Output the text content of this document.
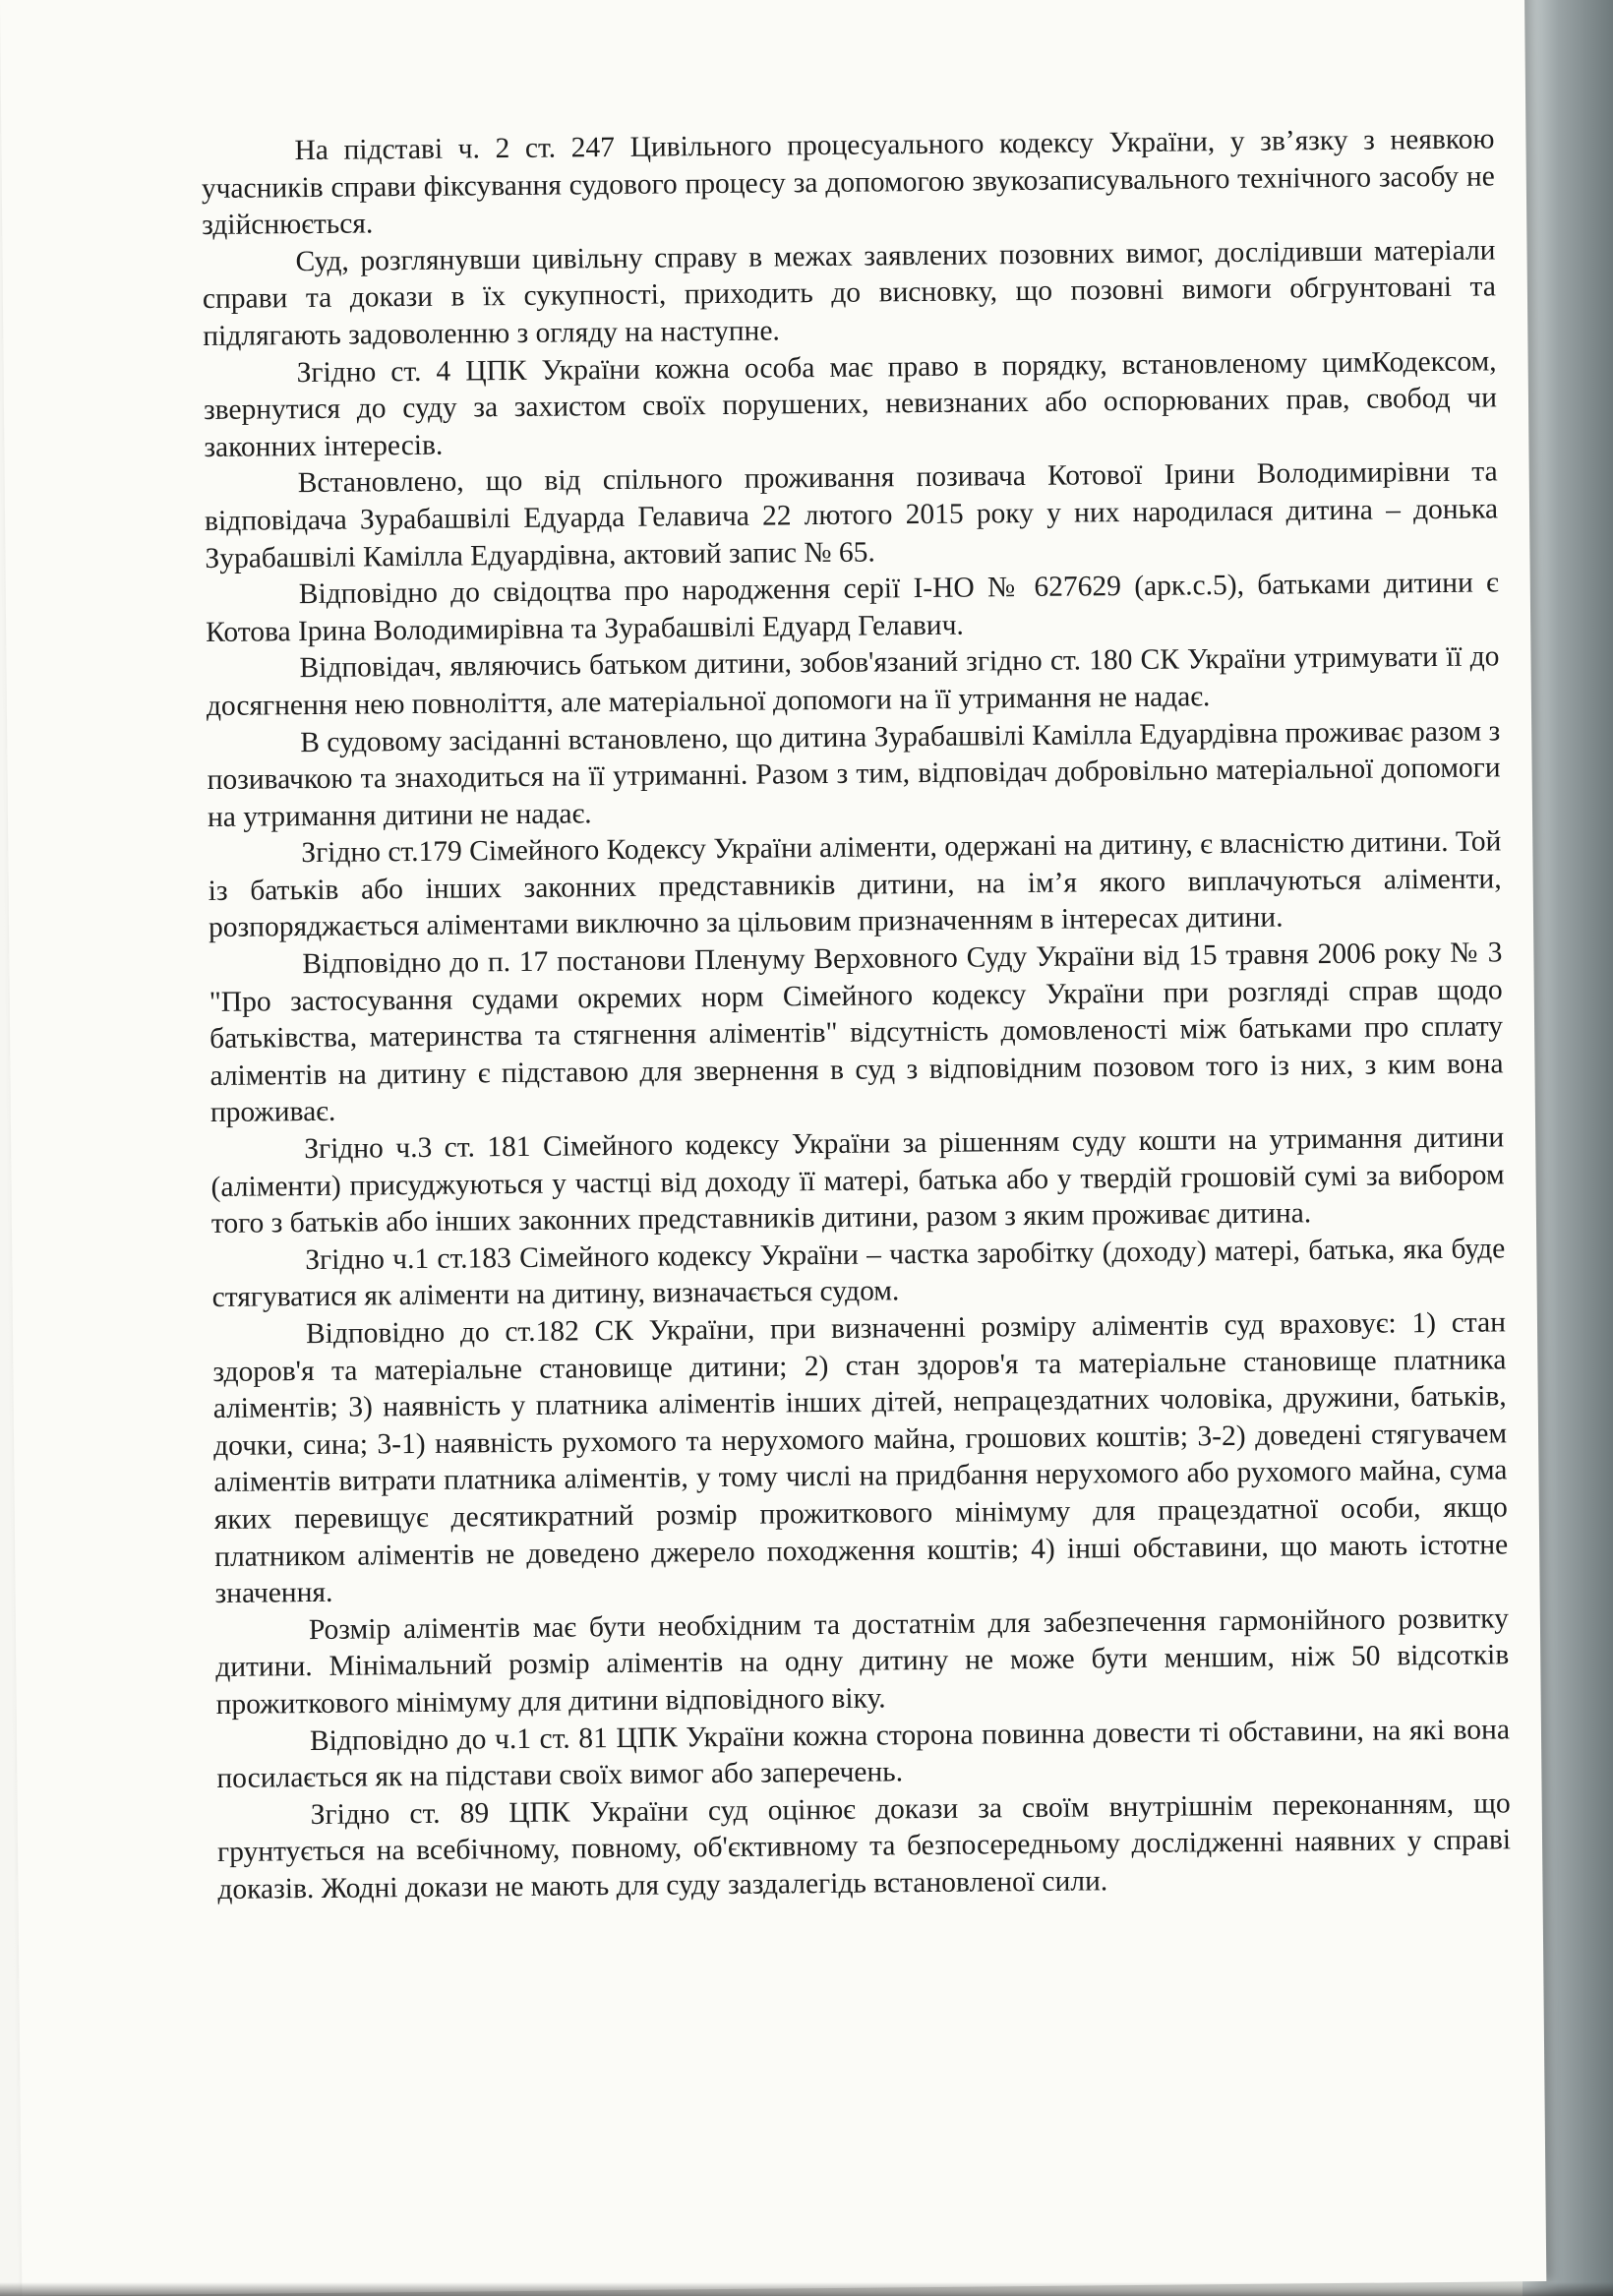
На підставі ч. 2 ст. 247 Цивільного процесуального кодексу України, у зв’язку з неявкою учасників справи фіксування судового процесу за допомогою звукозаписувального технічного засобу не здійснюється.

Суд, розглянувши цивільну справу в межах заявлених позовних вимог, дослідивши матеріали справи та докази в їх сукупності, приходить до висновку, що позовні вимоги обгрунтовані та підлягають задоволенню з огляду на наступне.

Згідно ст. 4 ЦПК України кожна особа має право в порядку, встановленому цимКодексом, звернутися до суду за захистом своїх порушених, невизнаних або оспорюваних прав, свобод чи законних інтересів.

Встановлено, що від спільного проживання позивача Котової Ірини Володимирівни та відповідача Зурабашвілі Едуарда Гелавича 22 лютого 2015 року у них народилася дитина – донька Зурабашвілі Камілла Едуардівна, актовий запис № 65.

Відповідно до свідоцтва про народження серії І-НО № 627629 (арк.с.5), батьками дитини є Котова Ірина Володимирівна та Зурабашвілі Едуард Гелавич.

Відповідач, являючись батьком дитини, зобов'язаний згідно ст. 180 СК України утримувати її до досягнення нею повноліття, але матеріальної допомоги на її утримання не надає.

В судовому засіданні встановлено, що дитина Зурабашвілі Камілла Едуардівна проживає разом з позивачкою та знаходиться на її утриманні. Разом з тим, відповідач добровільно матеріальної допомоги на утримання дитини не надає.

Згідно ст.179 Сімейного Кодексу України аліменти, одержані на дитину, є власністю дитини. Той із батьків або інших законних представників дитини, на ім’я якого виплачуються аліменти, розпоряджається аліментами виключно за цільовим призначенням в інтересах дитини.

Відповідно до п. 17 постанови Пленуму Верховного Суду України від 15 травня 2006 року № 3 "Про застосування судами окремих норм Сімейного кодексу України при розгляді справ щодо батьківства, материнства та стягнення аліментів" відсутність домовленості між батьками про сплату аліментів на дитину є підставою для звернення в суд з відповідним позовом того із них, з ким вона проживає.

Згідно ч.3 ст. 181 Сімейного кодексу України за рішенням суду кошти на утримання дитини (аліменти) присуджуються у частці від доходу її матері, батька або у твердій грошовій сумі за вибором того з батьків або інших законних представників дитини, разом з яким проживає дитина.

Згідно ч.1 ст.183 Сімейного кодексу України – частка заробітку (доходу) матері, батька, яка буде стягуватися як аліменти на дитину, визначається судом.

Відповідно до ст.182 СК України, при визначенні розміру аліментів суд враховує: 1) стан здоров'я та матеріальне становище дитини; 2) стан здоров'я та матеріальне становище платника аліментів; 3) наявність у платника аліментів інших дітей, непрацездатних чоловіка, дружини, батьків, дочки, сина; 3-1) наявність рухомого та нерухомого майна, грошових коштів; 3-2) доведені стягувачем аліментів витрати платника аліментів, у тому числі на придбання нерухомого або рухомого майна, сума яких перевищує десятикратний розмір прожиткового мінімуму для працездатної особи, якщо платником аліментів не доведено джерело походження коштів; 4) інші обставини, що мають істотне значення.

Розмір аліментів має бути необхідним та достатнім для забезпечення гармонійного розвитку дитини. Мінімальний розмір аліментів на одну дитину не може бути меншим, ніж 50 відсотків прожиткового мінімуму для дитини відповідного віку.

Відповідно до ч.1 ст. 81 ЦПК України кожна сторона повинна довести ті обставини, на які вона посилається як на підстави своїх вимог або заперечень.

Згідно ст. 89 ЦПК України суд оцінює докази за своїм внутрішнім переконанням, що грунтується на всебічному, повному, об'єктивному та безпосередньому дослідженні наявних у справі доказів. Жодні докази не мають для суду заздалегідь встановленої сили.
